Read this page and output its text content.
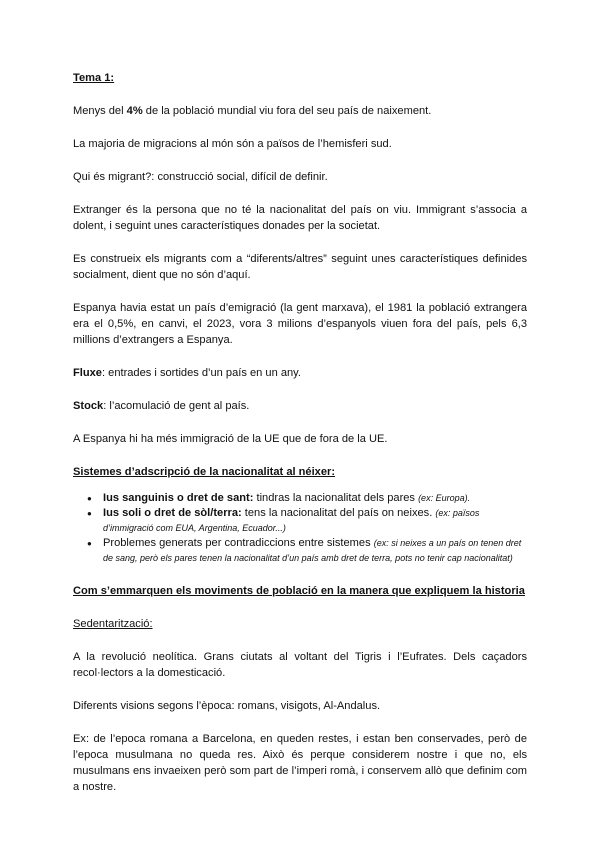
Tema 1:

Menys del 4% de la població mundial viu fora del seu país de naixement.

La majoria de migracions al món són a països de l’hemisferi sud.

Qui és migrant?: construcció social, difícil de definir.

Extranger és la persona que no té la nacionalitat del país on viu. Immigrant s’associa a dolent, i seguint unes característiques donades per la societat.

Es construeix els migrants com a “diferents/altres” seguint unes característiques definides socialment, dient que no són d’aquí.

Espanya havia estat un país d’emigració (la gent marxava), el 1981 la població extrangera era el 0,5%, en canvi, el 2023, vora 3 milions d’espanyols viuen fora del país, pels 6,3 millions d’extrangers a Espanya.

Fluxe: entrades i sortides d’un país en un any.

Stock: l’acomulació de gent al país.

A Espanya hi ha més immigració de la UE que de fora de la UE.

Sistemes d’adscripció de la nacionalitat al néixer:

● Ius sanguinis o dret de sant: tindras la nacionalitat dels pares (ex: Europa).
● Ius soli o dret de sòl/terra: tens la nacionalitat del país on neixes. (ex: països d’immigració com EUA, Argentina, Ecuador...)
● Problemes generats per contradiccions entre sistemes (ex: si neixes a un país on tenen dret de sang, però els pares tenen la nacionalitat d’un país amb dret de terra, pots no tenir cap nacionalitat)

Com s’emmarquen els moviments de població en la manera que expliquem la historia

Sedentarització:

A la revolució neolítica. Grans ciutats al voltant del Tigris i l’Eufrates. Dels caçadors recol·lectors a la domesticació.

Diferents visions segons l’època: romans, visigots, Al-Andalus.

Ex: de l’epoca romana a Barcelona, en queden restes, i estan ben conservades, però de l’epoca musulmana no queda res. Això és perque considerem nostre i que no, els musulmans ens invaeixen però som part de l’imperi romà, i conservem allò que definim com a nostre.
